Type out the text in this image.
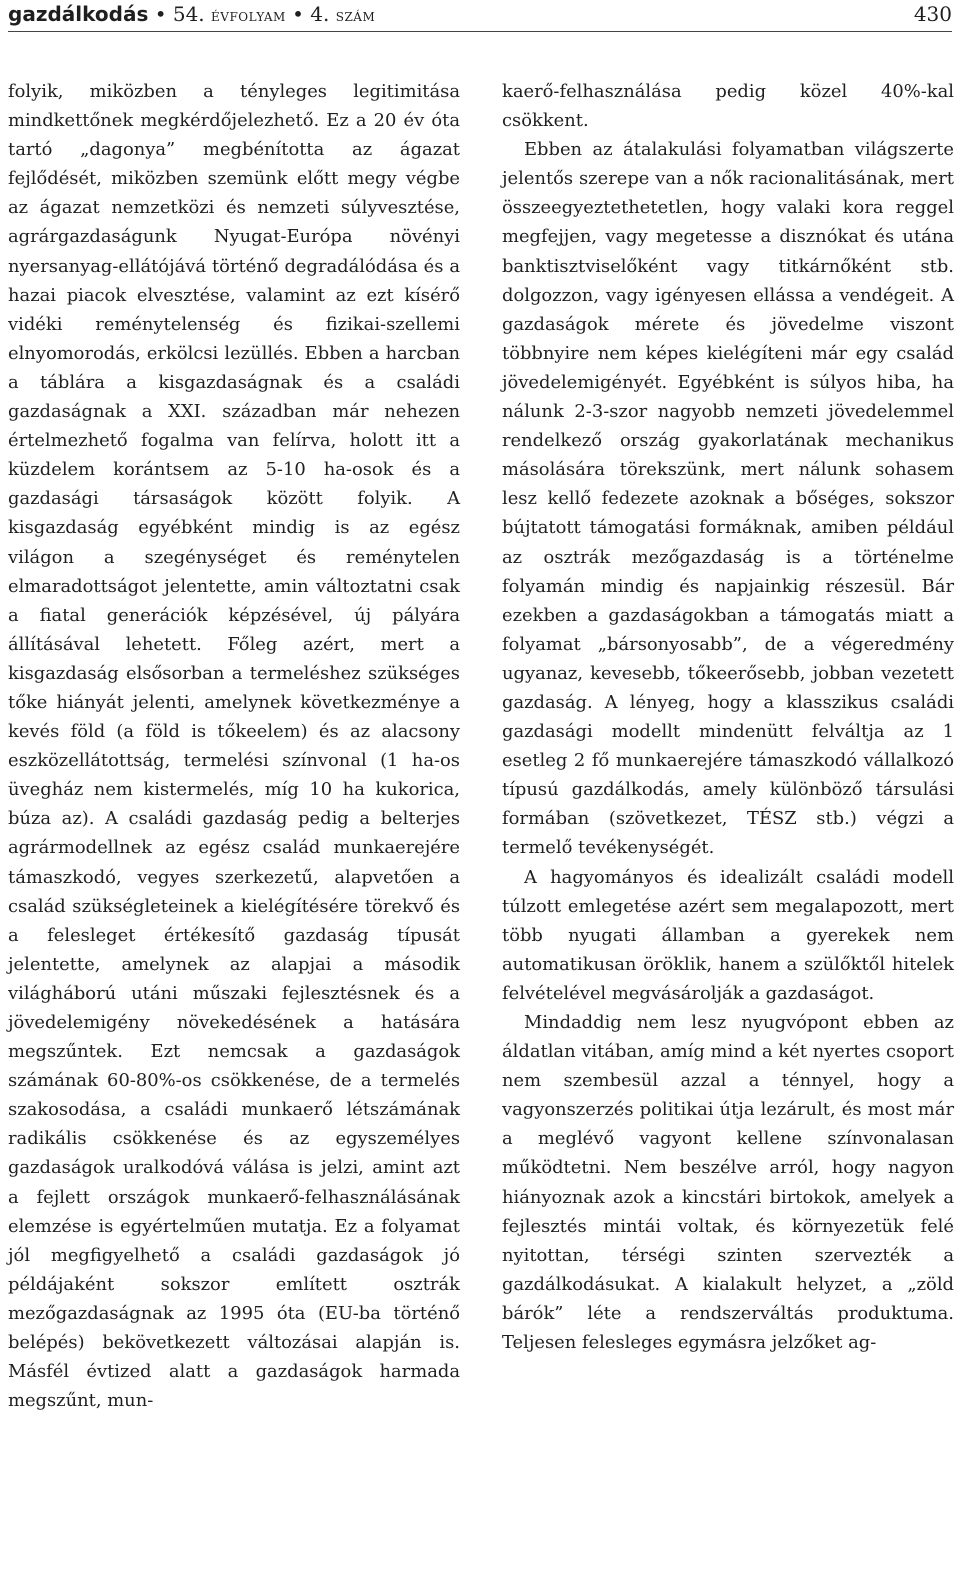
gazdálkodás • 54. évfolyam • 4. szám	430

folyik, miközben a tényleges legitimitása mindkettőnek megkérdőjelezhető. Ez a 20 év óta tartó „dagonya” megbénította az ágazat fejlődését, miközben szemünk előtt megy végbe az ágazat nemzetközi és nemzeti súlyvesztése, agrárgazdaságunk Nyugat-Európa növényi nyersanyag-ellátójává történő degradálódása és a hazai piacok elvesztése, valamint az ezt kísérő vidéki reménytelenség és fizikai-szellemi elnyomorodás, erkölcsi lezüllés. Ebben a harcban a táblára a kisgazdaságnak és a családi gazdaságnak a XXI. században már nehezen értelmezhető fogalma van felírva, holott itt a küzdelem korántsem az 5-10 ha-osok és a gazdasági társaságok között folyik. A kisgazdaság egyébként mindig is az egész világon a szegénységet és reménytelen elmaradottságot jelentette, amin változtatni csak a fiatal generációk képzésével, új pályára állításával lehetett. Főleg azért, mert a kisgazdaság elsősorban a termeléshez szükséges tőke hiányát jelenti, amelynek következménye a kevés föld (a föld is tőkeelem) és az alacsony eszközellátottság, termelési színvonal (1 ha-os üvegház nem kistermelés, míg 10 ha kukorica, búza az). A családi gazdaság pedig a belterjes agrármodellnek az egész család munkaerejére támaszkodó, vegyes szerkezetű, alapvetően a család szükségleteinek a kielégítésére törekvő és a felesleget értékesítő gazdaság típusát jelentette, amelynek az alapjai a második világháború utáni műszaki fejlesztésnek és a jövedelemigény növekedésének a hatására megszűntek. Ezt nemcsak a gazdaságok számának 60-80%-os csökkenése, de a termelés szakosodása, a családi munkaerő létszámának radikális csökkenése és az egyszemélyes gazdaságok uralkodóvá válása is jelzi, amint azt a fejlett országok munkaerő-felhasználásának elemzése is egyértelműen mutatja. Ez a folyamat jól megfigyelhető a családi gazdaságok jó példájaként sokszor említett osztrák mezőgazdaságnak az 1995 óta (EU-ba történő belépés) bekövetkezett változásai alapján is. Másfél évtized alatt a gazdaságok harmada megszűnt, mun-

kaerő-felhasználása pedig közel 40%-kal csökkent.

Ebben az átalakulási folyamatban világszerte jelentős szerepe van a nők racionalitásának, mert összeegyeztethetetlen, hogy valaki kora reggel megfejjen, vagy megetesse a disznókat és utána banktisztviselőként vagy titkárnőként stb. dolgozzon, vagy igényesen ellássa a vendégeit. A gazdaságok mérete és jövedelme viszont többnyire nem képes kielégíteni már egy család jövedelemigényét. Egyébként is súlyos hiba, ha nálunk 2-3-szor nagyobb nemzeti jövedelemmel rendelkező ország gyakorlatának mechanikus másolására törekszünk, mert nálunk sohasem lesz kellő fedezete azoknak a bőséges, sokszor bújtatott támogatási formáknak, amiben például az osztrák mezőgazdaság is a történelme folyamán mindig és napjainkig részesül. Bár ezekben a gazdaságokban a támogatás miatt a folyamat „bársonyosabb”, de a végeredmény ugyanaz, kevesebb, tőkeerősebb, jobban vezetett gazdaság. A lényeg, hogy a klasszikus családi gazdasági modellt mindenütt felváltja az 1 esetleg 2 fő munkaerejére támaszkodó vállalkozó típusú gazdálkodás, amely különböző társulási formában (szövetkezet, TÉSZ stb.) végzi a termelő tevékenységét.

A hagyományos és idealizált családi modell túlzott emlegetése azért sem megalapozott, mert több nyugati államban a gyerekek nem automatikusan öröklik, hanem a szülőktől hitelek felvételével megvásárolják a gazdaságot.

Mindaddig nem lesz nyugvópont ebben az áldatlan vitában, amíg mind a két nyertes csoport nem szembesül azzal a ténnyel, hogy a vagyonszerzés politikai útja lezárult, és most már a meglévő vagyont kellene színvonalasan működtetni. Nem beszélve arról, hogy nagyon hiányoznak azok a kincstári birtokok, amelyek a fejlesztés mintái voltak, és környezetük felé nyitottan, térségi szinten szervezték a gazdálkodásukat. A kialakult helyzet, a „zöld bárók” léte a rendszerváltás produktuma. Teljesen felesleges egymásra jelzőket ag-
